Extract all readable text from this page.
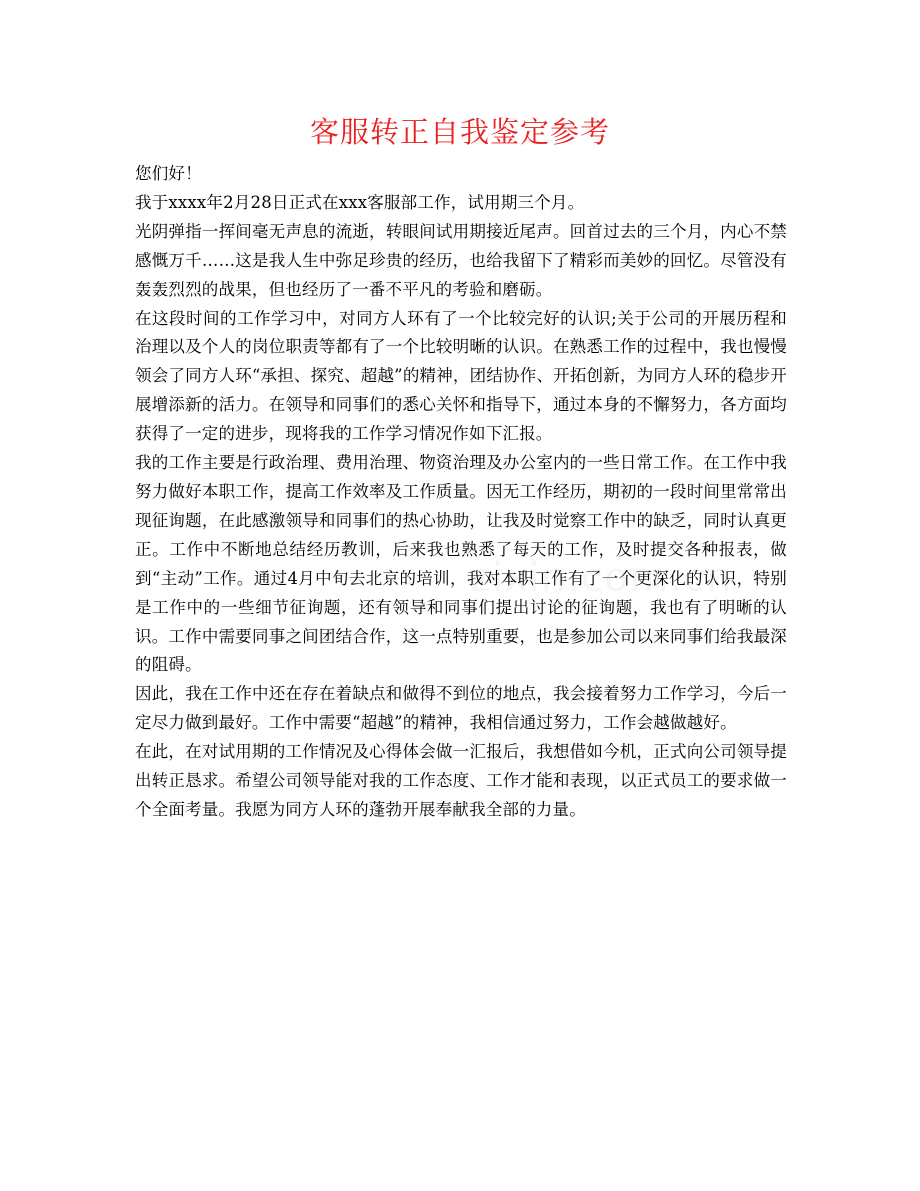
客服转正自我鉴定参考

您们好！

我于xxxx年2月28日正式在xxx客服部工作，试用期三个月。

光阴弹指一挥间毫无声息的流逝，转眼间试用期接近尾声。回首过去的三个月，内心不禁感慨万千……这是我人生中弥足珍贵的经历，也给我留下了精彩而美妙的回忆。尽管没有轰轰烈烈的战果，但也经历了一番不平凡的考验和磨砺。

在这段时间的工作学习中，对同方人环有了一个比较完好的认识;关于公司的开展历程和治理以及个人的岗位职责等都有了一个比较明晰的认识。在熟悉工作的过程中，我也慢慢领会了同方人环“承担、探究、超越”的精神，团结协作、开拓创新，为同方人环的稳步开展增添新的活力。在领导和同事们的悉心关怀和指导下，通过本身的不懈努力，各方面均获得了一定的进步，现将我的工作学习情况作如下汇报。

我的工作主要是行政治理、费用治理、物资治理及办公室内的一些日常工作。在工作中我努力做好本职工作，提高工作效率及工作质量。因无工作经历，期初的一段时间里常常出现征询题，在此感激领导和同事们的热心协助，让我及时觉察工作中的缺乏，同时认真更正。工作中不断地总结经历教训，后来我也熟悉了每天的工作，及时提交各种报表，做到“主动”工作。通过4月中旬去北京的培训，我对本职工作有了一个更深化的认识，特别是工作中的一些细节征询题，还有领导和同事们提出讨论的征询题，我也有了明晰的认识。工作中需要同事之间团结合作，这一点特别重要，也是参加公司以来同事们给我最深的阻碍。

因此，我在工作中还在存在着缺点和做得不到位的地点，我会接着努力工作学习，今后一定尽力做到最好。工作中需要“超越”的精神，我相信通过努力，工作会越做越好。

在此，在对试用期的工作情况及心得体会做一汇报后，我想借如今机，正式向公司领导提出转正恳求。希望公司领导能对我的工作态度、工作才能和表现，以正式员工的要求做一个全面考量。我愿为同方人环的蓬勃开展奉献我全部的力量。
